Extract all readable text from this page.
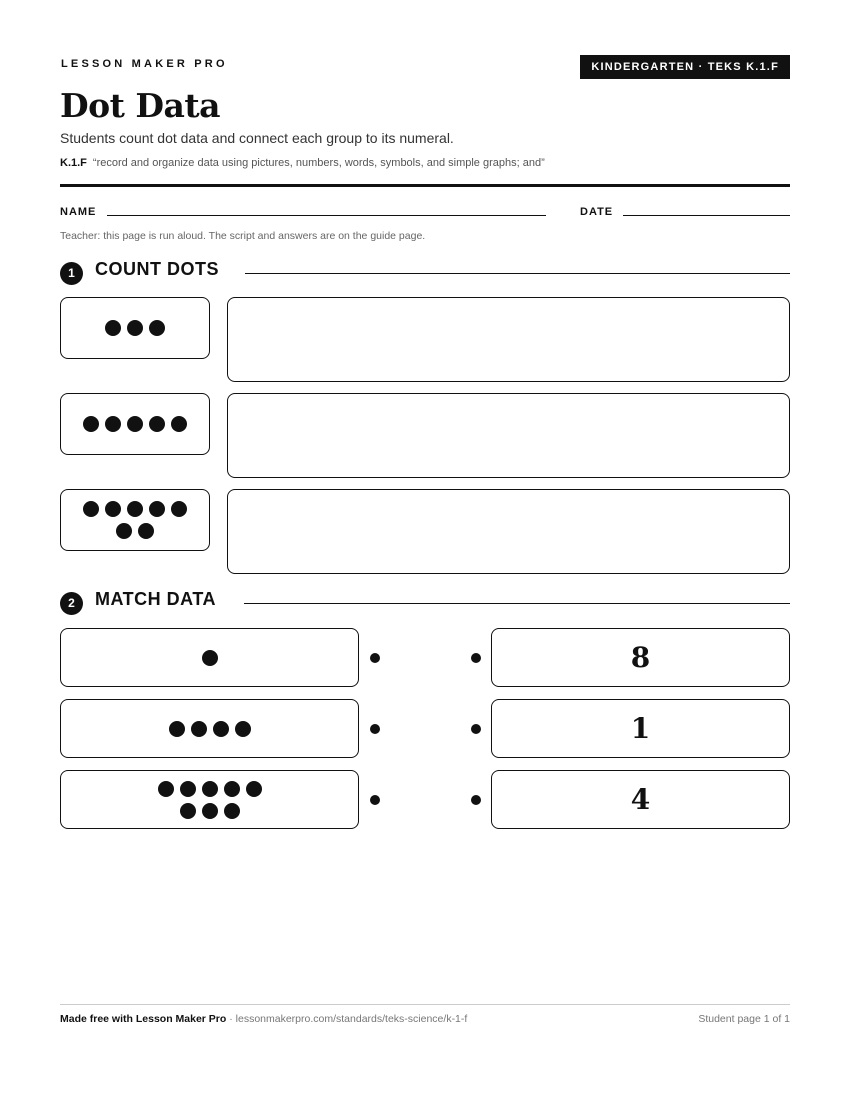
LESSON MAKER PRO	KINDERGARTEN · TEKS K.1.F
Dot Data
Students count dot data and connect each group to its numeral.
K.1.F “record and organize data using pictures, numbers, words, symbols, and simple graphs; and”
NAME	DATE
Teacher: this page is run aloud. The script and answers are on the guide page.
1	COUNT DOTS
2	MATCH DATA
8
1
4
Made free with Lesson Maker Pro · lessonmakerpro.com/standards/teks-science/k-1-f	Student page 1 of 1
